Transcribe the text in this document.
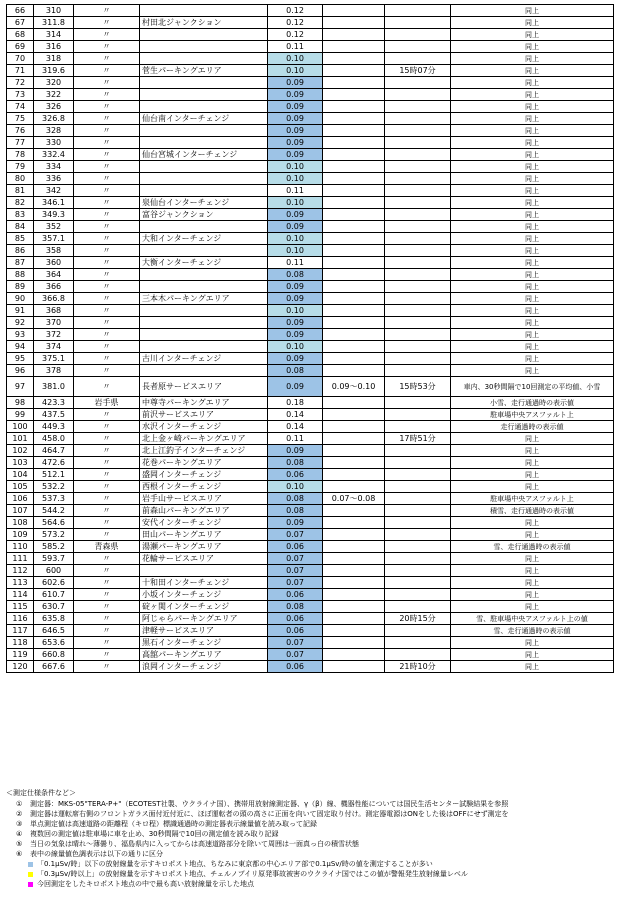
66	310	〃		0.12			同上
67	311.8	〃	村田北ジャンクション	0.12			同上
68	314	〃		0.12			同上
69	316	〃		0.11			同上
70	318	〃		0.10			同上
71	319.6	〃	菅生パーキングエリア	0.10		15時07分	同上
72	320	〃		0.09			同上
73	322	〃		0.09			同上
74	326	〃		0.09			同上
75	326.8	〃	仙台南インターチェンジ	0.09			同上
76	328	〃		0.09			同上
77	330	〃		0.09			同上
78	332.4	〃	仙台宮城インターチェンジ	0.09			同上
79	334	〃		0.10			同上
80	336	〃		0.10			同上
81	342	〃		0.11			同上
82	346.1	〃	泉仙台インターチェンジ	0.10			同上
83	349.3	〃	富谷ジャンクション	0.09			同上
84	352	〃		0.09			同上
85	357.1	〃	大和インターチェンジ	0.10			同上
86	358	〃		0.10			同上
87	360	〃	大衡インターチェンジ	0.11			同上
88	364	〃		0.08			同上
89	366	〃		0.09			同上
90	366.8	〃	三本木パーキングエリア	0.09			同上
91	368	〃		0.10			同上
92	370	〃		0.09			同上
93	372	〃		0.09			同上
94	374	〃		0.10			同上
95	375.1	〃	古川インターチェンジ	0.09			同上
96	378	〃		0.08			同上
97	381.0	〃	長者原サービスエリア	0.09	0.09～0.10	15時53分	車内、30秒間隔で10回測定の平均値、小雪
98	423.3	岩手県	中尊寺パーキングエリア	0.18			小雪、走行通過時の表示値
99	437.5	〃	前沢サービスエリア	0.14			駐車場中央アスファルト上
100	449.3	〃	水沢インターチェンジ	0.14			走行通過時の表示値
101	458.0	〃	北上金ヶ崎パーキングエリア	0.11		17時51分	同上
102	464.7	〃	北上江釣子インターチェンジ	0.09			同上
103	472.6	〃	花巻パーキングエリア	0.08			同上
104	512.1	〃	盛岡インターチェンジ	0.06			同上
105	532.2	〃	西根インターチェンジ	0.10			同上
106	537.3	〃	岩手山サービスエリア	0.08	0.07～0.08		駐車場中央アスファルト上
107	544.2	〃	前森山パーキングエリア	0.08			積雪、走行通過時の表示値
108	564.6	〃	安代インターチェンジ	0.09			同上
109	573.2	〃	田山パーキングエリア	0.07			同上
110	585.2	青森県	湯瀬パーキングエリア	0.06			雪、走行通過時の表示値
111	593.7	〃	花輪サービスエリア	0.07			同上
112	600	〃		0.07			同上
113	602.6	〃	十和田インターチェンジ	0.07			同上
114	610.7	〃	小坂インターチェンジ	0.06			同上
115	630.7	〃	碇ヶ関インターチェンジ	0.08			同上
116	635.8	〃	阿じゃらパーキングエリア	0.06		20時15分	雪、駐車場中央アスファルト上の値
117	646.5	〃	津軽サービスエリア	0.06			雪、走行通過時の表示値
118	653.6	〃	黒石インターチェンジ	0.07			同上
119	660.8	〃	高舘パーキングエリア	0.07			同上
120	667.6	〃	浪岡インターチェンジ	0.06		21時10分	同上
＜測定仕様条件など＞
① 測定器：MKS-05"TERA-P+"（ECOTEST社製、ウクライナ国）、携帯用放射線測定器、γ（β）線、機器性能については国民生活センター試験結果を参照
② 測定器は運転席右側のフロントガラス面付近付近に、ほぼ運転者の頭の高さに正面を向いて固定取り付け。測定器電源はONをした後はOFFにせず測定を
③ 単点測定値は高速道路の距離程（キロ程）標識通過時の測定器表示線量値を読み取って記録
④ 複数回の測定値は駐車場に車を止め、30秒間隔で10回の測定値を読み取り記録
⑤ 当日の気象は晴れ～薄曇り、福島県内に入ってからは高速道路部分を除いて周囲は一面真っ白の積雪状態
⑥ 表中の線量値色調表示は以下の通りに区分
「0.1μSv/時」以下の放射線量を示すキロポスト地点、ちなみに東京都の中心エリア部で0.1μSv/時の値を測定することが多い
「0.3μSv/時以上」の放射線量を示すキロポスト地点、チェルノブイリ原発事故被害のウクライナ国ではこの値が警報発生放射線量レベル
今回測定をしたキロポスト地点の中で最も高い放射線量を示した地点
